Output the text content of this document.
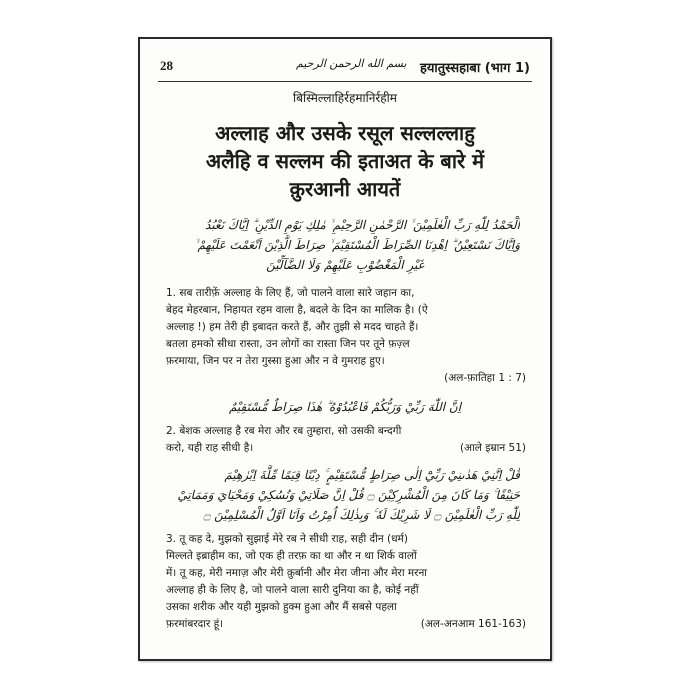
28	بسم الله الرحمن الرحيم हयातुस्सहाबा (भाग 1)
बिस्मिल्लाहिर्रहमानिर्रहीम
अल्लाह और उसके रसूल सल्लल्लाहु
अलैहि व सल्लम की इताअत के बारे में
क़ुरआनी आयतें
اَلْحَمْدُ لِلّٰهِ رَبِّ الْعٰلَمِيْنَ ۙ الرَّحْمٰنِ الرَّحِيْمِ ۙ مٰلِكِ يَوْمِ الدِّيْنِ ۗ اِيَّاكَ نَعْبُدُ
وَاِيَّاكَ نَسْتَعِيْنُ ۗ اِهْدِنَا الصِّرَاطَ الْمُسْتَقِيْمَ ۙ صِرَاطَ الَّذِيْنَ اَنْعَمْتَ عَلَيْهِمْ ۙ
غَيْرِ الْمَغْضُوْبِ عَلَيْهِمْ وَلَا الضَّآلِّيْنَ
1. सब तारीफ़ें अल्लाह के लिए हैं, जो पालने वाला सारे जहान का,
बेहद मेहरबान, निहायत रहम वाला है, बदले के दिन का मालिक है। (ऐ
अल्लाह !) हम तेरी ही इबादत करते हैं, और तुझी से मदद चाहते हैं।
बतला हमको सीधा रास्ता, उन लोगों का रास्ता जिन पर तूने फ़ज़्ल
फ़रमाया, जिन पर न तेरा गुस्सा हुआ और न वे गुमराह हुए।
(अल-फ़ातिहा 1 : 7)

اِنَّ اللّٰهَ رَبِّيْ وَرَبُّكُمْ فَاعْبُدُوْهُ ۗ هٰذَا صِرَاطٌ مُّسْتَقِيْمٌ
2. बेशक अल्लाह है रब मेरा और रब तुम्हारा, सो उसकी बन्दगी
करो, यही राह सीधी है।	(आले इम्रान 51)
قُلْ اِنَّنِيْ هَدٰىنِيْ رَبِّيْٓ اِلٰى صِرَاطٍ مُّسْتَقِيْمٍ ۚ دِيْنًا قِيَمًا مِّلَّةَ اِبْرٰهِيْمَ
حَنِيْفًا ۚ وَمَا كَانَ مِنَ الْمُشْرِكِيْنَ ۝ قُلْ اِنَّ صَلَاتِيْ وَنُسُكِيْ وَمَحْيَايَ وَمَمَاتِيْ
لِلّٰهِ رَبِّ الْعٰلَمِيْنَ ۝ لَا شَرِيْكَ لَهٗ ۚ وَبِذٰلِكَ اُمِرْتُ وَاَنَا اَوَّلُ الْمُسْلِمِيْنَ ۝
3. तू कह दे, मुझको सुझाई मेरे रब ने सीधी राह, सही दीन (धर्म)
मिल्लते इब्राहीम का, जो एक ही तरफ़ का था और न था शिर्क वालों
में। तू कह, मेरी नमाज़ और मेरी क़ुर्बानी और मेरा जीना और मेरा मरना
अल्लाह ही के लिए है, जो पालने वाला सारी दुनिया का है, कोई नहीं
उसका शरीक और यही मुझको हुक्म हुआ और मैं सबसे पहला
फ़रमांबरदार हूं।	(अल-अनआम 161-163)
